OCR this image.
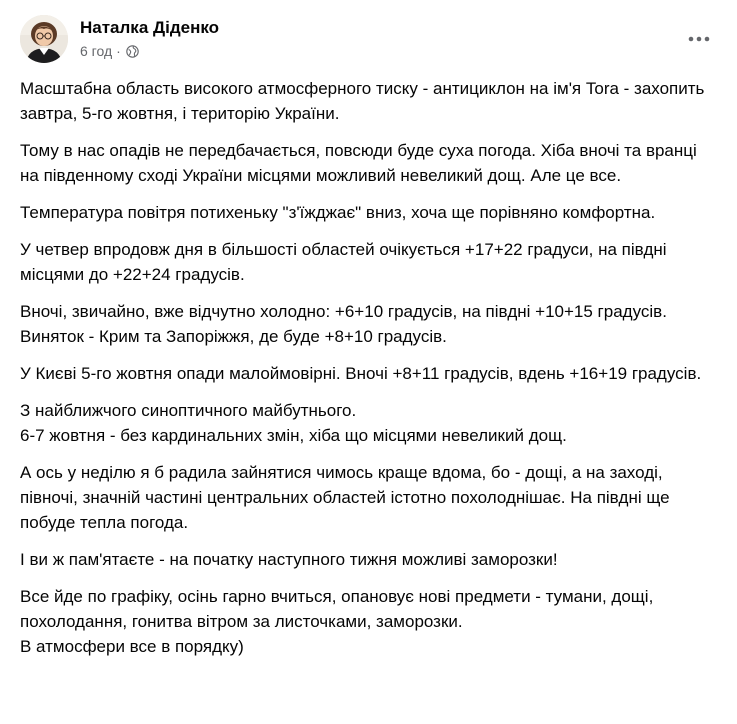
Наталка Діденко
6 год ·

Масштабна область високого атмосферного тиску - антициклон на ім'я Tora - захопить завтра, 5-го жовтня, і територію України.

Тому в нас опадів не передбачається, повсюди буде суха погода. Хіба вночі та вранці на південному сході України місцями можливий невеликий дощ. Але це все.

Температура повітря потихеньку "з'їжджає" вниз, хоча ще порівняно комфортна.

У четвер впродовж дня в більшості областей очікується +17+22 градуси, на півдні місцями до +22+24 градусів.

Вночі, звичайно, вже відчутно холодно: +6+10 градусів, на півдні +10+15 градусів. Виняток - Крим та Запоріжжя, де буде +8+10 градусів.

У Києві 5-го жовтня опади малоймовірні. Вночі +8+11 градусів, вдень +16+19 градусів.

З найближчого синоптичного майбутнього.
6-7 жовтня - без кардинальних змін, хіба що місцями невеликий дощ.

А ось у неділю я б радила зайнятися чимось краще вдома, бо - дощі, а на заході, півночі, значній частині центральних областей істотно похолоднішає. На півдні ще побуде тепла погода.

І ви ж пам'ятаєте - на початку наступного тижня можливі заморозки!

Все йде по графіку, осінь гарно вчиться, опановує нові предмети - тумани, дощі, похолодання, гонитва вітром за листочками, заморозки.
В атмосфери все в порядку)
